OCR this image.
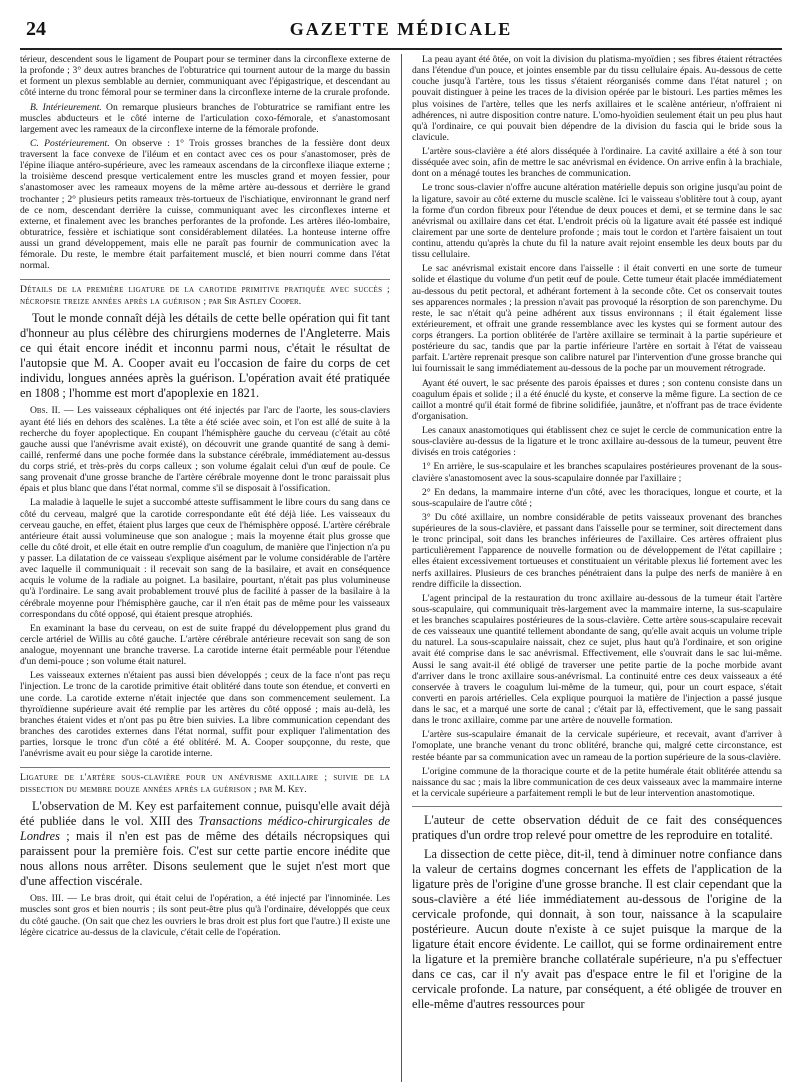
24	GAZETTE MÉDICALE

térieur, descendent sous le ligament de Poupart pour se terminer dans la circonflexe externe de la profonde ; 3° deux autres branches de l'obturatrice qui tournent autour de la marge du bassin et forment un plexus semblable au dernier, communiquant avec l'épigastrique, et descendant au côté interne du tronc fémoral pour se terminer dans la circonflexe interne de la crurale profonde.

B. Intérieurement. On remarque plusieurs branches de l'obturatrice se ramifiant entre les muscles abducteurs et le côté interne de l'articulation coxo-fémorale, et s'anastomosant largement avec les rameaux de la circonflexe interne de la fémorale profonde.

C. Postérieurement. On observe : 1° Trois grosses branches de la fessière dont deux traversent la face convexe de l'iléum et en contact avec ces os pour s'anastomoser, près de l'épine iliaque antéro-supérieure, avec les rameaux ascendans de la circonflexe iliaque externe ; la troisième descend presque verticalement entre les muscles grand et moyen fessier, pour s'anastomoser avec les rameaux moyens de la même artère au-dessous et derrière le grand trochanter ; 2° plusieurs petits rameaux très-tortueux de l'ischiatique, environnant le grand nerf de ce nom, descendant derrière la cuisse, communiquant avec les circonflexes interne et externe, et finalement avec les branches perforantes de la profonde. Les artères iléo-lombaire, obturatrice, fessière et ischiatique sont considérablement dilatées. La honteuse interne offre aussi un grand développement, mais elle ne paraît pas fournir de communication avec la fémorale. Du reste, le membre était parfaitement musclé, et bien nourri comme dans l'état normal.

Détails de la première ligature de la carotide primitive pratiquée avec succès ; nécropsie treize années après la guérison ; par Sir Astley Cooper.

Tout le monde connaît déjà les détails de cette belle opération qui fit tant d'honneur au plus célèbre des chirurgiens modernes de l'Angleterre. Mais ce qui était encore inédit et inconnu parmi nous, c'était le résultat de l'autopsie que M. A. Cooper avait eu l'occasion de faire du corps de cet individu, longues années après la guérison. L'opération avait été pratiquée en 1808 ; l'homme est mort d'apoplexie en 1821.

Obs. II. — Les vaisseaux céphaliques ont été injectés par l'arc de l'aorte, les sous-claviers ayant été liés en dehors des scalènes. La tête a été sciée avec soin, et l'on est allé de suite à la recherche du foyer apoplectique. En coupant l'hémisphère gauche du cerveau (c'était au côté gauche aussi que l'anévrisme avait existé), on découvrit une grande quantité de sang à demi-caillé, renfermé dans une poche formée dans la substance cérébrale, immédiatement au-dessus du corps strié, et très-près du corps calleux ; son volume égalait celui d'un œuf de poule. Ce sang provenait d'une grosse branche de l'artère cérébrale moyenne dont le tronc paraissait plus épais et plus blanc que dans l'état normal, comme s'il se disposait à l'ossification.

La maladie à laquelle le sujet a succombé atteste suffisamment le libre cours du sang dans ce côté du cerveau, malgré que la carotide correspondante eût été déjà liée. Les vaisseaux du cerveau gauche, en effet, étaient plus larges que ceux de l'hémisphère opposé. L'artère cérébrale antérieure était aussi volumineuse que son analogue ; mais la moyenne était plus grosse que celle du côté droit, et elle était en outre remplie d'un coagulum, de manière que l'injection n'a pu y passer. La dilatation de ce vaisseau s'explique aisément par le volume considérable de l'artère avec laquelle il communiquait : il recevait son sang de la basilaire, et avait en conséquence acquis le volume de la radiale au poignet. La basilaire, pourtant, n'était pas plus volumineuse qu'à l'ordinaire. Le sang avait probablement trouvé plus de facilité à passer de la basilaire à la cérébrale moyenne pour l'hémisphère gauche, car il n'en était pas de même pour les vaisseaux correspondans du côté opposé, qui étaient presque atrophiés.

En examinant la base du cerveau, on est de suite frappé du développement plus grand du cercle artériel de Willis au côté gauche. L'artère cérébrale antérieure recevait son sang de son analogue, moyennant une branche traverse. La carotide interne était perméable pour l'étendue d'un demi-pouce ; son volume était naturel.

Les vaisseaux externes n'étaient pas aussi bien développés ; ceux de la face n'ont pas reçu l'injection. Le tronc de la carotide primitive était oblitéré dans toute son étendue, et converti en une corde. La carotide externe n'était injectée que dans son commencement seulement. La thyroïdienne supérieure avait été remplie par les artères du côté opposé ; mais au-delà, les branches étaient vides et n'ont pas pu être bien suivies. La libre communication cependant des branches des carotides externes dans l'état normal, suffit pour expliquer l'alimentation des parties, lorsque le tronc d'un côté a été oblitéré. M. A. Cooper soupçonne, du reste, que l'anévrisme avait eu pour siège la carotide interne.

Ligature de l'artère sous-clavière pour un anévrisme axillaire ; suivie de la dissection du membre douze années après la guérison ; par M. Key.

L'observation de M. Key est parfaitement connue, puisqu'elle avait déjà été publiée dans le vol. XIII des Transactions médico-chirurgicales de Londres ; mais il n'en est pas de même des détails nécropsiques qui paraissent pour la première fois. C'est sur cette partie encore inédite que nous allons nous arrêter. Disons seulement que le sujet n'est mort que d'une affection viscérale.

Obs. III. — Le bras droit, qui était celui de l'opération, a été injecté par l'innominée. Les muscles sont gros et bien nourris ; ils sont peut-être plus qu'à l'ordinaire, développés que ceux du côté gauche. (On sait que chez les ouvriers le bras droit est plus fort que l'autre.) Il existe une légère cicatrice au-dessus de la clavicule, c'était celle de l'opération.

La peau ayant été ôtée, on voit la division du platisma-myoïdien ; ses fibres étaient rétractées dans l'étendue d'un pouce, et jointes ensemble par du tissu cellulaire épais. Au-dessous de cette couche jusqu'à l'artère, tous les tissus s'étaient réorganisés comme dans l'état naturel ; on pouvait distinguer à peine les traces de la division opérée par le bistouri. Les parties mêmes les plus voisines de l'artère, telles que les nerfs axillaires et le scalène antérieur, n'offraient ni adhérences, ni autre disposition contre nature. L'omo-hyoïdien seulement était un peu plus haut qu'à l'ordinaire, ce qui pouvait bien dépendre de la division du fascia qui le bride sous la clavicule.

L'artère sous-clavière a été alors disséquée à l'ordinaire. La cavité axillaire a été à son tour disséquée avec soin, afin de mettre le sac anévrismal en évidence. On arrive enfin à la brachiale, dont on a ménagé toutes les branches de communication.

Le tronc sous-clavier n'offre aucune altération matérielle depuis son origine jusqu'au point de la ligature, savoir au côté externe du muscle scalène. Ici le vaisseau s'oblitère tout à coup, ayant la forme d'un cordon fibreux pour l'étendue de deux pouces et demi, et se termine dans le sac anévrismal ou axillaire dans cet état. L'endroit précis où la ligature avait été passée est indiqué clairement par une sorte de dentelure profonde ; mais tout le cordon et l'artère faisaient un tout continu, attendu qu'après la chute du fil la nature avait rejoint ensemble les deux bouts par du tissu cellulaire.

Le sac anévrismal existait encore dans l'aisselle : il était converti en une sorte de tumeur solide et élastique du volume d'un petit œuf de poule. Cette tumeur était placée immédiatement au-dessous du petit pectoral, et adhérant fortement à la seconde côte. Cet os conservait toutes ses apparences normales ; la pression n'avait pas provoqué la résorption de son parenchyme. Du reste, le sac n'était qu'à peine adhérent aux tissus environnans ; il était également lisse extérieurement, et offrait une grande ressemblance avec les kystes qui se forment autour des corps étrangers. La portion oblitérée de l'artère axillaire se terminait à la partie supérieure et postérieure du sac, tandis que par la partie inférieure l'artère en sortait à l'état de vaisseau parfait. L'artère reprenait presque son calibre naturel par l'intervention d'une grosse branche qui lui fournissait le sang immédiatement au-dessous de la poche par un mouvement rétrograde.

Ayant été ouvert, le sac présente des parois épaisses et dures ; son contenu consiste dans un coagulum épais et solide ; il a été énuclé du kyste, et conserve la même figure. La section de ce caillot a montré qu'il était formé de fibrine solidifiée, jaunâtre, et n'offrant pas de trace évidente d'organisation.

Les canaux anastomotiques qui établissent chez ce sujet le cercle de communication entre la sous-clavière au-dessus de la ligature et le tronc axillaire au-dessous de la tumeur, peuvent être divisés en trois catégories :

1° En arrière, le sus-scapulaire et les branches scapulaires postérieures provenant de la sous-clavière s'anastomosent avec la sous-scapulaire donnée par l'axillaire ;

2° En dedans, la mammaire interne d'un côté, avec les thoraciques, longue et courte, et la sous-scapulaire de l'autre côté ;

3° Du côté axillaire, un nombre considérable de petits vaisseaux provenant des branches supérieures de la sous-clavière, et passant dans l'aisselle pour se terminer, soit directement dans le tronc principal, soit dans les branches inférieures de l'axillaire. Ces artères offraient plus particulièrement l'apparence de nouvelle formation ou de développement de l'état capillaire ; elles étaient excessivement tortueuses et constituaient un véritable plexus lié fortement avec les nerfs axillaires. Plusieurs de ces branches pénétraient dans la pulpe des nerfs de manière à en rendre difficile la dissection.

L'agent principal de la restauration du tronc axillaire au-dessous de la tumeur était l'artère sous-scapulaire, qui communiquait très-largement avec la mammaire interne, la sus-scapulaire et les branches scapulaires postérieures de la sous-clavière. Cette artère sous-scapulaire recevait de ces vaisseaux une quantité tellement abondante de sang, qu'elle avait acquis un volume triple du naturel. La sous-scapulaire naissait, chez ce sujet, plus haut qu'à l'ordinaire, et son origine avait été comprise dans le sac anévrismal. Effectivement, elle s'ouvrait dans le sac lui-même. Aussi le sang avait-il été obligé de traverser une petite partie de la poche morbide avant d'arriver dans le tronc axillaire sous-anévrismal. La continuité entre ces deux vaisseaux a été conservée à travers le coagulum lui-même de la tumeur, qui, pour un court espace, s'était converti en parois artérielles. Cela explique pourquoi la matière de l'injection a passé jusque dans le sac, et a marqué une sorte de canal ; c'était par là, effectivement, que le sang passait dans le tronc axillaire, comme par une artère de nouvelle formation.

L'artère sus-scapulaire émanait de la cervicale supérieure, et recevait, avant d'arriver à l'omoplate, une branche venant du tronc oblitéré, branche qui, malgré cette circonstance, est restée béante par sa communication avec un rameau de la portion supérieure de la sous-clavière.

L'origine commune de la thoracique courte et de la petite humérale était oblitérée attendu sa naissance du sac ; mais la libre communication de ces deux vaisseaux avec la mammaire interne et la cervicale supérieure a parfaitement rempli le but de leur intervention anastomotique.

L'auteur de cette observation déduit de ce fait des conséquences pratiques d'un ordre trop relevé pour omettre de les reproduire en totalité.

La dissection de cette pièce, dit-il, tend à diminuer notre confiance dans la valeur de certains dogmes concernant les effets de l'application de la ligature près de l'origine d'une grosse branche. Il est clair cependant que la sous-clavière a été liée immédiatement au-dessous de l'origine de la cervicale profonde, qui donnait, à son tour, naissance à la scapulaire postérieure. Aucun doute n'existe à ce sujet puisque la marque de la ligature était encore évidente. Le caillot, qui se forme ordinairement entre la ligature et la première branche collatérale supérieure, n'a pu s'effectuer dans ce cas, car il n'y avait pas d'espace entre le fil et l'origine de la cervicale profonde. La nature, par conséquent, a été obligée de trouver en elle-même d'autres ressources pour
